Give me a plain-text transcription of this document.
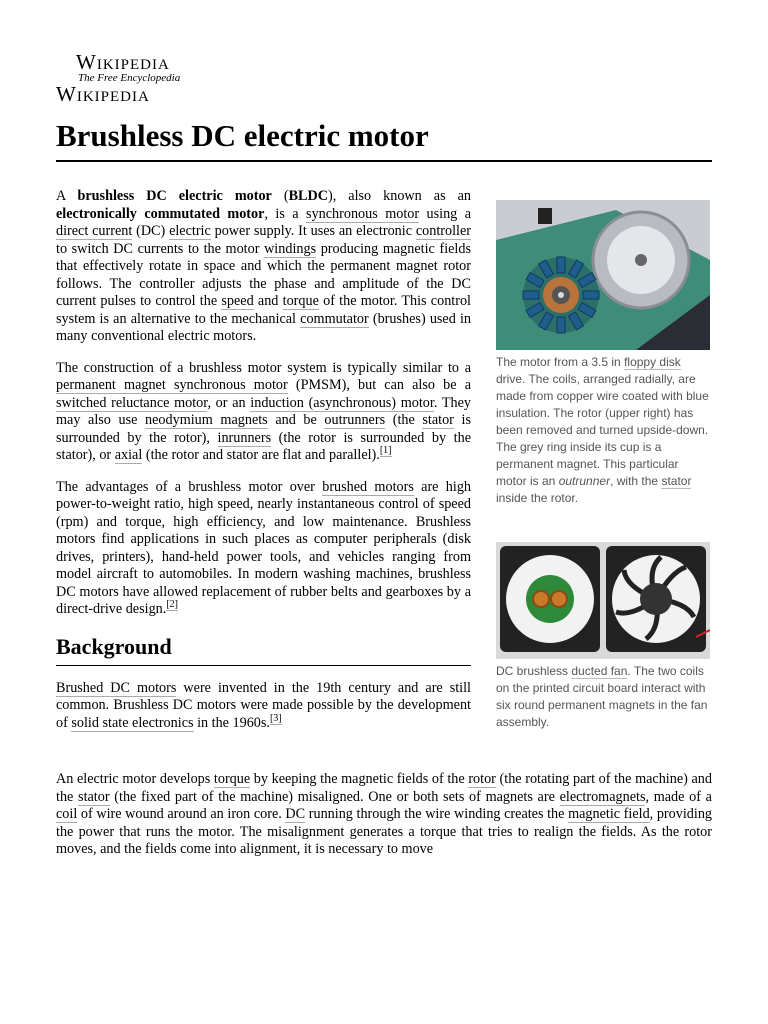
Wikipedia
The Free Encyclopedia
Wikipedia
Brushless DC electric motor

A brushless DC electric motor (BLDC), also known as an electronically commutated motor, is a synchronous motor using a direct current (DC) electric power supply. It uses an electronic controller to switch DC currents to the motor windings producing magnetic fields that effectively rotate in space and which the permanent magnet rotor follows. The controller adjusts the phase and amplitude of the DC current pulses to control the speed and torque of the motor. This control system is an alternative to the mechanical commutator (brushes) used in many conventional electric motors.

The construction of a brushless motor system is typically similar to a permanent magnet synchronous motor (PMSM), but can also be a switched reluctance motor, or an induction (asynchronous) motor. They may also use neodymium magnets and be outrunners (the stator is surrounded by the rotor), inrunners (the rotor is surrounded by the stator), or axial (the rotor and stator are flat and parallel).[1]

The advantages of a brushless motor over brushed motors are high power-to-weight ratio, high speed, nearly instantaneous control of speed (rpm) and torque, high efficiency, and low maintenance. Brushless motors find applications in such places as computer peripherals (disk drives, printers), hand-held power tools, and vehicles ranging from model aircraft to automobiles. In modern washing machines, brushless DC motors have allowed replacement of rubber belts and gearboxes by a direct-drive design.[2]

Background

Brushed DC motors were invented in the 19th century and are still common. Brushless DC motors were made possible by the development of solid state electronics in the 1960s.[3]

An electric motor develops torque by keeping the magnetic fields of the rotor (the rotating part of the machine) and the stator (the fixed part of the machine) misaligned. One or both sets of magnets are electromagnets, made of a coil of wire wound around an iron core. DC running through the wire winding creates the magnetic field, providing the power that runs the motor. The misalignment generates a torque that tries to realign the fields. As the rotor moves, and the fields come into alignment, it is necessary to move

The motor from a 3.5 in floppy disk drive. The coils, arranged radially, are made from copper wire coated with blue insulation. The rotor (upper right) has been removed and turned upside-down. The grey ring inside its cup is a permanent magnet. This particular motor is an outrunner, with the stator inside the rotor.
DC brushless ducted fan. The two coils on the printed circuit board interact with six round permanent magnets in the fan assembly.
